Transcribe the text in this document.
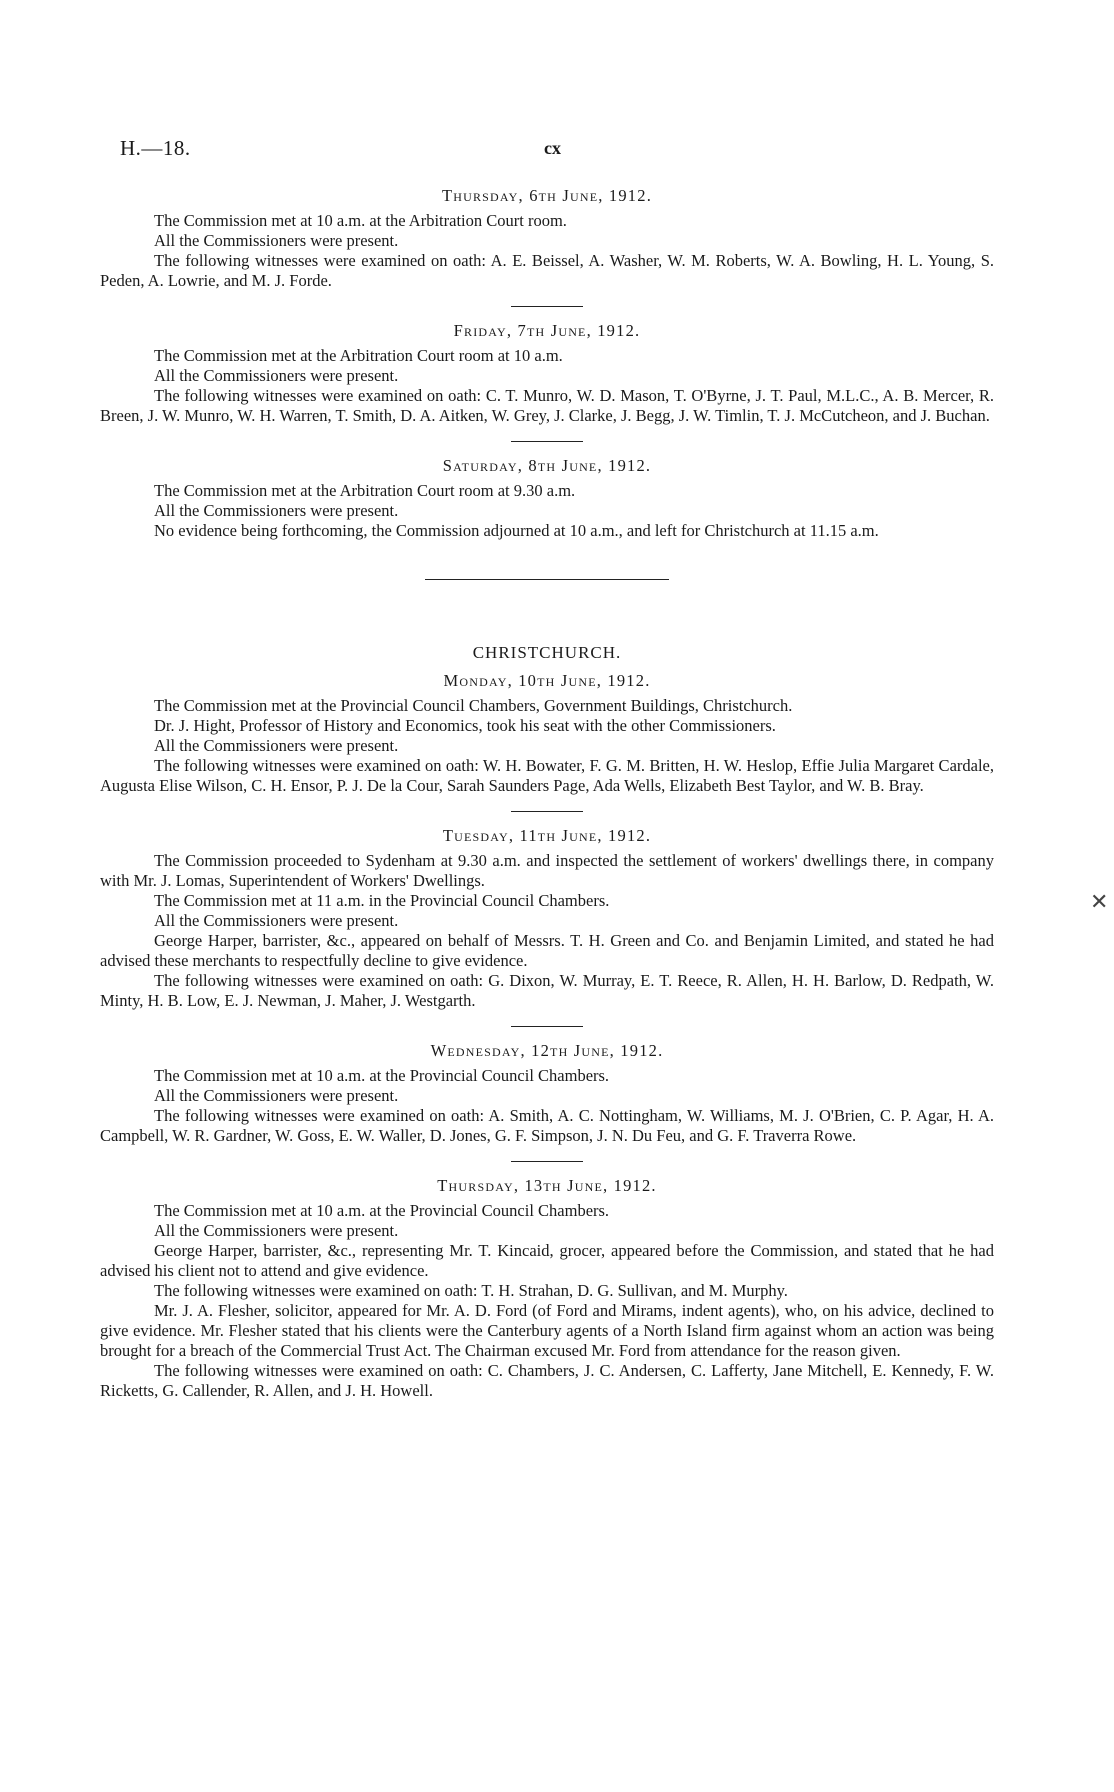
H.—18.	cx
Thursday, 6th June, 1912.

The Commission met at 10 a.m. at the Arbitration Court room.

All the Commissioners were present.

The following witnesses were examined on oath: A. E. Beissel, A. Washer, W. M. Roberts, W. A. Bowling, H. L. Young, S. Peden, A. Lowrie, and M. J. Forde.

Friday, 7th June, 1912.

The Commission met at the Arbitration Court room at 10 a.m.

All the Commissioners were present.

The following witnesses were examined on oath: C. T. Munro, W. D. Mason, T. O'Byrne, J. T. Paul, M.L.C., A. B. Mercer, R. Breen, J. W. Munro, W. H. Warren, T. Smith, D. A. Aitken, W. Grey, J. Clarke, J. Begg, J. W. Timlin, T. J. McCutcheon, and J. Buchan.

Saturday, 8th June, 1912.

The Commission met at the Arbitration Court room at 9.30 a.m.

All the Commissioners were present.

No evidence being forthcoming, the Commission adjourned at 10 a.m., and left for Christchurch at 11.15 a.m.

CHRISTCHURCH.
Monday, 10th June, 1912.

The Commission met at the Provincial Council Chambers, Government Buildings, Christchurch.

Dr. J. Hight, Professor of History and Economics, took his seat with the other Commissioners.

All the Commissioners were present.

The following witnesses were examined on oath: W. H. Bowater, F. G. M. Britten, H. W. Heslop, Effie Julia Margaret Cardale, Augusta Elise Wilson, C. H. Ensor, P. J. De la Cour, Sarah Saunders Page, Ada Wells, Elizabeth Best Taylor, and W. B. Bray.

Tuesday, 11th June, 1912.

The Commission proceeded to Sydenham at 9.30 a.m. and inspected the settlement of workers' dwellings there, in company with Mr. J. Lomas, Superintendent of Workers' Dwellings.

The Commission met at 11 a.m. in the Provincial Council Chambers.

All the Commissioners were present.

George Harper, barrister, &c., appeared on behalf of Messrs. T. H. Green and Co. and Benjamin Limited, and stated he had advised these merchants to respectfully decline to give evidence.

The following witnesses were examined on oath: G. Dixon, W. Murray, E. T. Reece, R. Allen, H. H. Barlow, D. Redpath, W. Minty, H. B. Low, E. J. Newman, J. Maher, J. Westgarth.

Wednesday, 12th June, 1912.

The Commission met at 10 a.m. at the Provincial Council Chambers.

All the Commissioners were present.

The following witnesses were examined on oath: A. Smith, A. C. Nottingham, W. Williams, M. J. O'Brien, C. P. Agar, H. A. Campbell, W. R. Gardner, W. Goss, E. W. Waller, D. Jones, G. F. Simpson, J. N. Du Feu, and G. F. Traverra Rowe.

Thursday, 13th June, 1912.

The Commission met at 10 a.m. at the Provincial Council Chambers.

All the Commissioners were present.

George Harper, barrister, &c., representing Mr. T. Kincaid, grocer, appeared before the Commission, and stated that he had advised his client not to attend and give evidence.

The following witnesses were examined on oath: T. H. Strahan, D. G. Sullivan, and M. Murphy.

Mr. J. A. Flesher, solicitor, appeared for Mr. A. D. Ford (of Ford and Mirams, indent agents), who, on his advice, declined to give evidence. Mr. Flesher stated that his clients were the Canterbury agents of a North Island firm against whom an action was being brought for a breach of the Commercial Trust Act. The Chairman excused Mr. Ford from attendance for the reason given.

The following witnesses were examined on oath: C. Chambers, J. C. Andersen, C. Lafferty, Jane Mitchell, E. Kennedy, F. W. Ricketts, G. Callender, R. Allen, and J. H. Howell.

✕
